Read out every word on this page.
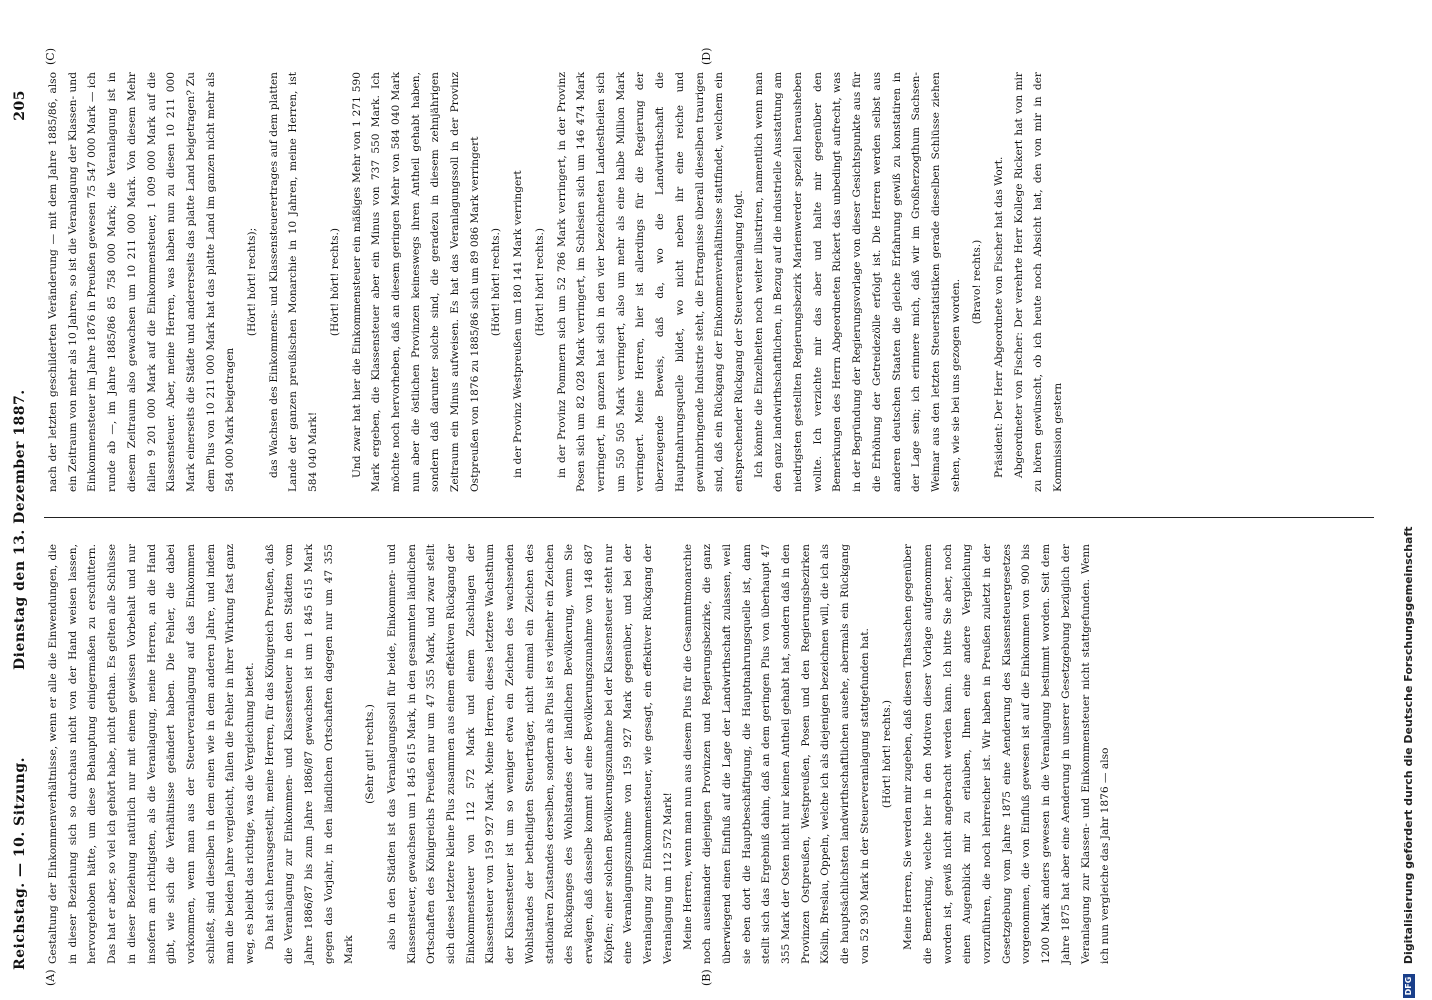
Reichstag. — 10. Sitzung.
Dienstag den 13. Dezember 1887.
205
(A)	(B)
(C)	(D)

Gestaltung der Einkommenverhältnisse, wenn er alle die Einwendungen, die in dieser Beziehung sich so durchaus nicht von der Hand weisen lassen, hervorgehoben hätte, um diese Behauptung einigermaßen zu erschüttern. Das hat er aber, so viel ich gehört habe, nicht gethan. Es gelten alle Schlüsse in dieser Beziehung natürlich nur mit einem gewissen Vorbehalt und nur insofern am richtigsten, als die Veranlagung, meine Herren, an die Hand gibt, wie sich die Verhältnisse geändert haben. Die Fehler, die dabei vorkommen, wenn man aus der Steuerveranlagung auf das Einkommen schließt, sind dieselben in dem einen wie in dem anderen Jahre, und indem man die beiden Jahre vergleicht, fallen die Fehler in ihrer Wirkung fast ganz weg, es bleibt das richtige, was die Vergleichung bietet. Da hat sich herausgestellt, meine Herren, für das Königreich Preußen, daß die Veranlagung zur Einkommen- und Klassensteuer in den Städten vom Jahre 1886/87 bis zum Jahre 1886/87 gewachsen ist um 1 845 615 Mark gegen das Vorjahr, in den ländlichen Ortschaften dagegen nur um 47 355 Mark

(Sehr gut! rechts.) also in den Städten ist das Veranlagungssoll für beide, Einkommen- und Klassensteuer, gewachsen um 1 845 615 Mark, in den gesammten ländlichen Ortschaften des Königreichs Preußen nur um 47 355 Mark, und zwar stellt sich dieses letztere kleine Plus zusammen aus einem effektiven Rückgang der Einkommensteuer von 112 572 Mark und einem Zuschlagen der Klassensteuer von 159 927 Mark. Meine Herren, dieses letztere Wachsthum der Klassensteuer ist um so weniger etwa ein Zeichen des wachsenden Wohlstandes der betheiligten Steuerträger, nicht einmal ein Zeichen des stationären Zustandes derselben, sondern als Plus ist es vielmehr ein Zeichen des Rückganges des Wohlstandes der ländlichen Bevölkerung, wenn Sie erwägen, daß dasselbe kommt auf eine Bevölkerungszunahme von 148 687 Köpfen; einer solchen Bevölkerungszunahme bei der Klassensteuer steht nur eine Veranlagungszunahme von 159 927 Mark gegenüber, und bei der Veranlagung zur Einkommensteuer, wie gesagt, ein effektiver Rückgang der Veranlagung um 112 572 Mark! Meine Herren, wenn man nun aus diesem Plus für die Gesammtmonarchie noch auseinander diejenigen Provinzen und Regierungsbezirke, die ganz überwiegend einen Einfluß auf die Lage der Landwirthschaft zulassen, weil sie eben dort die Hauptbeschäftigung, die Hauptnahrungsquelle ist, dann stellt sich das Ergebniß dahin, daß an dem geringen Plus von überhaupt 47 355 Mark der Osten nicht nur keinen Antheil gehabt hat, sondern daß in den Provinzen Ostpreußen, Westpreußen, Posen und den Regierungsbezirken Köslin, Breslau, Oppeln, welche ich als diejenigen bezeichnen will, die ich als die hauptsächlichsten landwirthschaftlichen ausehe, abermals ein Rückgang von 52 930 Mark in der Steuerveranlagung stattgefunden hat. (Hört! hört! rechts.) Meine Herren, Sie werden mir zugeben, daß diesen Thatsachen gegenüber die Bemerkung, welche hier in den Motiven dieser Vorlage aufgenommen worden ist, gewiß nicht angebracht werden kann. Ich bitte Sie aber, noch einen Augenblick mir zu erlauben, Ihnen eine andere Vergleichung vorzuführen, die noch lehrreicher ist. Wir haben in Preußen zuletzt in der Gesetzgebung vom Jahre 1875 eine Aenderung des Klassensteuergesetzes vorgenommen, die von Einfluß gewesen ist auf die Einkommen von 900 bis 1200 Mark anders gewesen in die Veranlagung bestimmt worden. Seit dem Jahre 1875 hat aber eine Aenderung in unserer Gesetzgebung bezüglich der Veranlagung zur Klassen- und Einkommensteuer nicht stattgefunden. Wenn ich nun vergleiche das Jahr 1876 — also

nach der letzten geschilderten Veränderung — mit dem Jahre 1885/86, also ein Zeitraum von mehr als 10 Jahren, so ist die Veranlagung der Klassen- und Einkommensteuer im Jahre 1876 in Preußen gewesen 75 547 000 Mark — ich runde ab —, im Jahre 1885/86 85 758 000 Mark; die Veranlagung ist in diesem Zeitraum also gewachsen um 10 211 000 Mark. Von diesem Mehr fallen 9 201 000 Mark auf die Einkommensteuer, 1 009 000 Mark auf die Klassensteuer. Aber, meine Herren, was haben nun zu diesen 10 211 000 Mark einerseits die Städte und andererseits das platte Land beigetragen? Zu dem Plus von 10 211 000 Mark hat das platte Land im ganzen nicht mehr als 584 000 Mark beigetragen

(Hört! hört! rechts); das Wachsen des Einkommens- und Klassensteuerertrages auf dem platten Lande der ganzen preußischen Monarchie in 10 Jahren, meine Herren, ist 584 040 Mark!

(Hört! hört! rechts.) Und zwar hat hier die Einkommensteuer ein mäßiges Mehr von 1 271 590 Mark ergeben, die Klassensteuer aber ein Minus von 737 550 Mark. Ich möchte noch hervorheben, daß an diesem geringen Mehr von 584 040 Mark nun aber die östlichen Provinzen keineswegs ihren Antheil gehabt haben, sondern daß darunter solche sind, die geradezu in diesem zehnjährigen Zeitraum ein Minus aufweisen. Es hat das Veranlagungssoll in der Provinz Ostpreußen von 1876 zu 1885/86 sich um 89 086 Mark verringert (Hört! hört! rechts.) in der Provinz Westpreußen um 180 141 Mark verringert (Hört! hört! rechts.) in der Provinz Pommern sich um 52 786 Mark verringert, in der Provinz Posen sich um 82 028 Mark verringert, im Schlesien sich um 146 474 Mark verringert, im ganzen hat sich in den vier bezeichneten Landestheilen sich um 550 505 Mark verringert, also um mehr als eine halbe Million Mark verringert. Meine Herren, hier ist allerdings für die Regierung der überzeugende Beweis, daß da, wo die Landwirthschaft die Hauptnahrungsquelle bildet, wo nicht neben ihr eine reiche und gewinnbringende Industrie steht, die Ertragnisse überall dieselben traurigen sind, daß ein Rückgang der Einkommenverhältnisse stattfindet, welchem ein entsprechender Rückgang der Steuerveranlagung folgt. Ich könnte die Einzelheiten noch weiter illustriren, namentlich wenn man den ganz landwirthschaftlichen, in Bezug auf die industrielle Ausstattung am niedrigsten gestellten Regierungsbezirk Marienwerder speziell herausheben wollte. Ich verzichte mir das aber und halte mir gegenüber den Bemerkungen des Herrn Abgeordneten Rickert das unbedingt aufrecht, was in der Begründung der Regierungsvorlage von dieser Gesichtspunkte aus für die Erhöhung der Getreidezölle erfolgt ist. Die Herren werden selbst aus anderen deutschen Staaten die gleiche Erfahrung gewiß zu konstatiren in der Lage sein; ich erinnere mich, daß wir im Großherzogthum Sachsen-Weimar aus den letzten Steuerstatistiken gerade dieselben Schlüsse ziehen sehen, wie sie bei uns gezogen worden. (Bravo! rechts.) Präsident: Der Herr Abgeordnete von Fischer hat das Wort. Abgeordneter von Fischer: Der verehrte Herr Kollege Rickert hat von mir zu hören gewünscht, ob ich heute noch Absicht hat, den von mir in der Kommission gestern

DFG Digitalisierung gefördert durch die Deutsche Forschungsgemeinschaft
